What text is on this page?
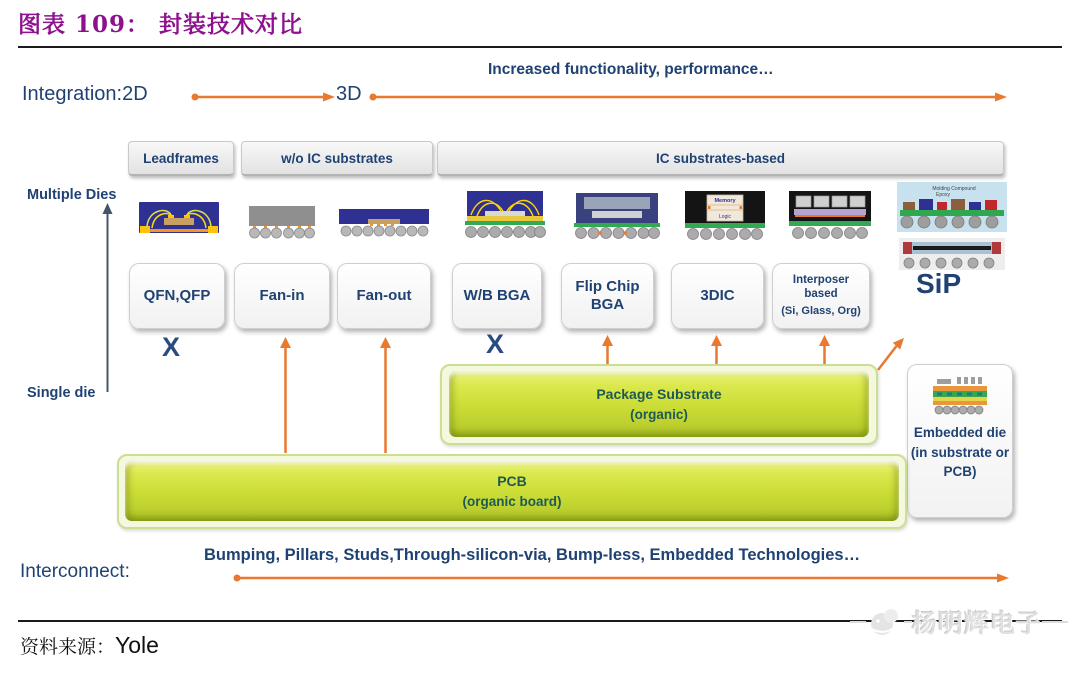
图表 109： 封装技术对比
Integration:2D	3D
Increased functionality, performance…
Leadframes	w/o IC substrates	IC substrates-based
Multiple Dies
Single die
Memory
Logic
Molding Compound
Epoxy
QFN,QFP	Fan-in	Fan-out	W/B BGA
Flip Chip BGA
3DIC
Interposer based
(Si, Glass, Org)
SiP
X	X
Package Substrate
(organic)
Embedded die
(in substrate or PCB)
PCB
(organic board)
Interconnect:
Bumping, Pillars, Studs,Through-silicon-via, Bump-less, Embedded Technologies…
资料来源：Yole
杨明辉电子
